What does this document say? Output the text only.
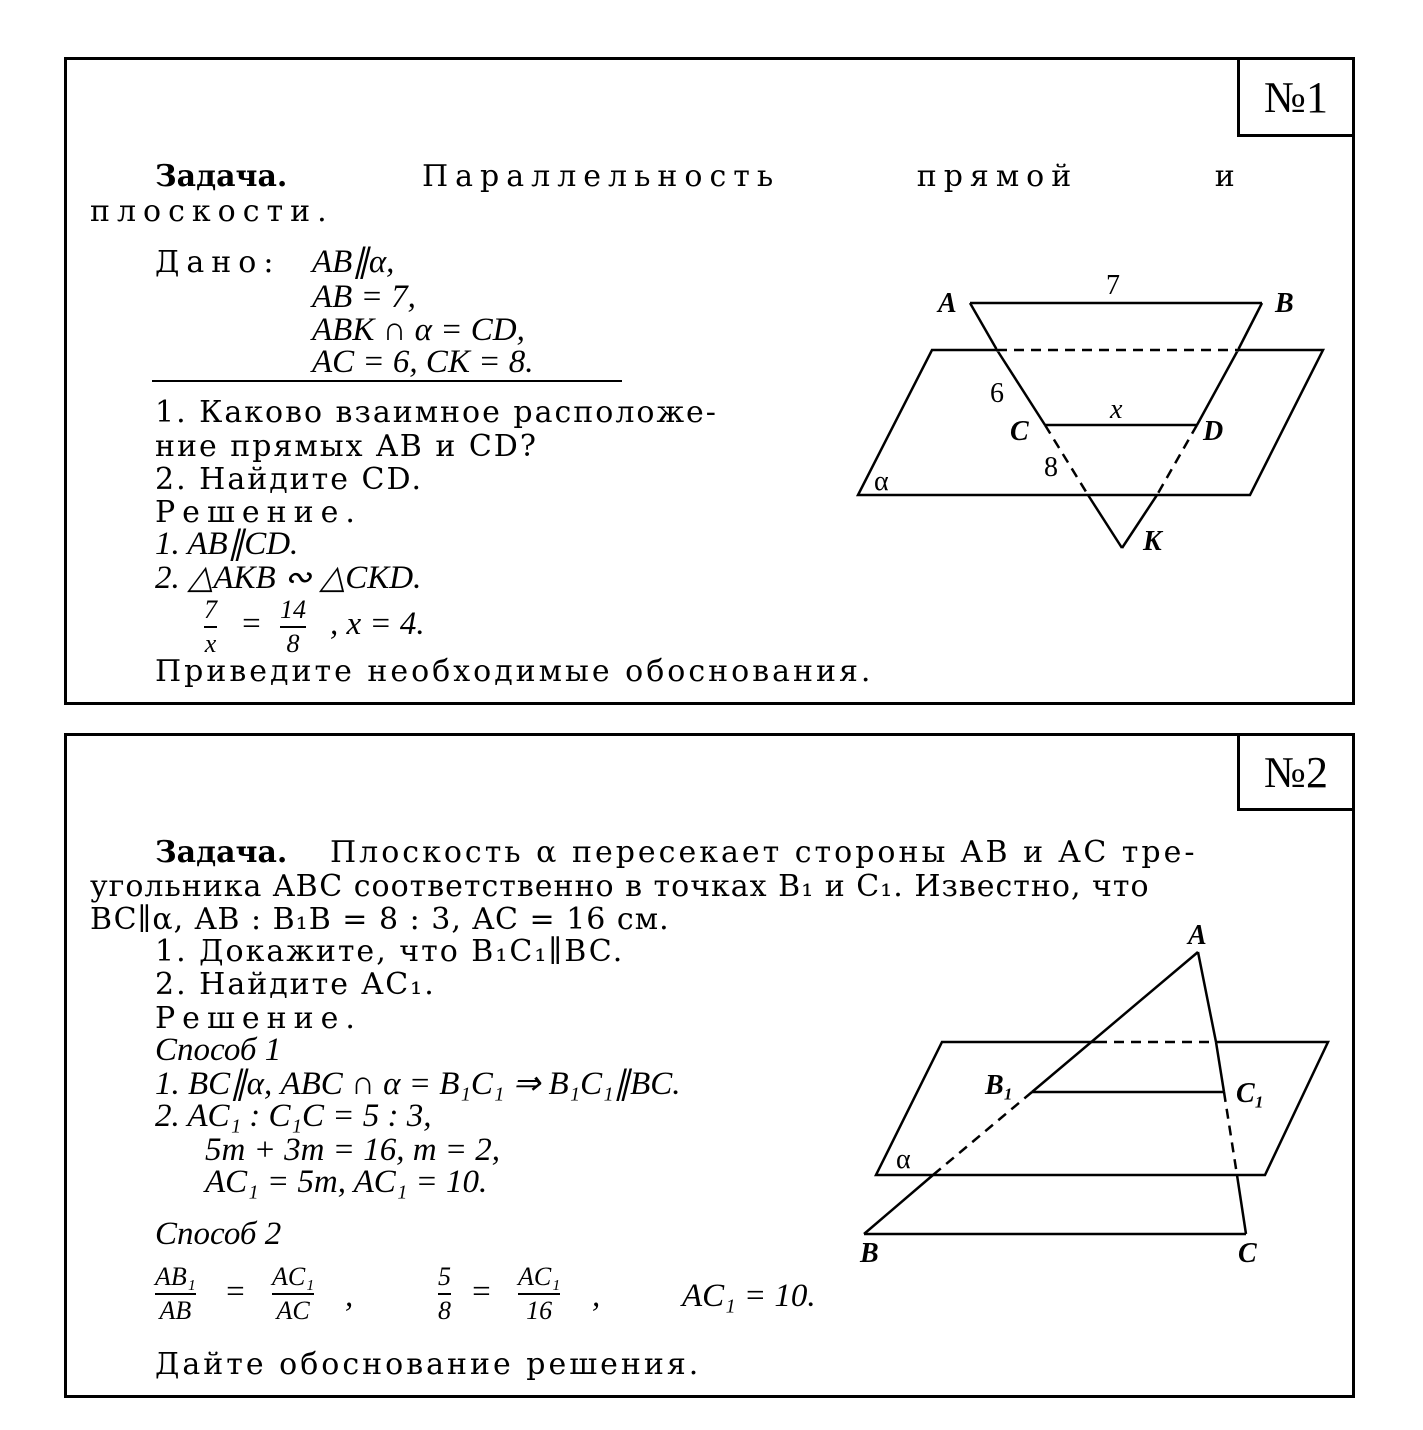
№1
Задача.	Параллельность прямой и
плоскости.
Дано: AB∥α,
AB = 7,
ABK ∩ α = CD,
AC = 6, CK = 8.
1. Каково взаимное расположе-
ние прямых AB и CD?
2. Найдите CD.
Решение.
1. AB∥CD.
2. △AKB ∾ △CKD.
7
x
= 14
8
, x = 4.
Приведите необходимые обоснования.
№2
Задача. Плоскость α пересекает стороны AB и AC тре-
угольника ABC соответственно в точках B₁ и C₁. Известно, что
BC∥α, AB : B₁B = 8 : 3, AC = 16 см.
1. Докажите, что B₁C₁∥BC.
2. Найдите AC₁.
Решение.
Способ 1
1. BC∥α, ABC ∩ α = B₁C₁ ⇒ B₁C₁∥BC.
2. AC₁ : C₁C = 5 : 3,
5m + 3m = 16, m = 2,
AC₁ = 5m, AC₁ = 10.
Способ 2
AB₁
AB
= AC₁
AC ,
5
8
= AC₁
16 , AC₁ = 10.
Дайте обоснование решения.
A	B
C	D
K
α
7
6
8
x
A
B	C
B₁	C₁
α
